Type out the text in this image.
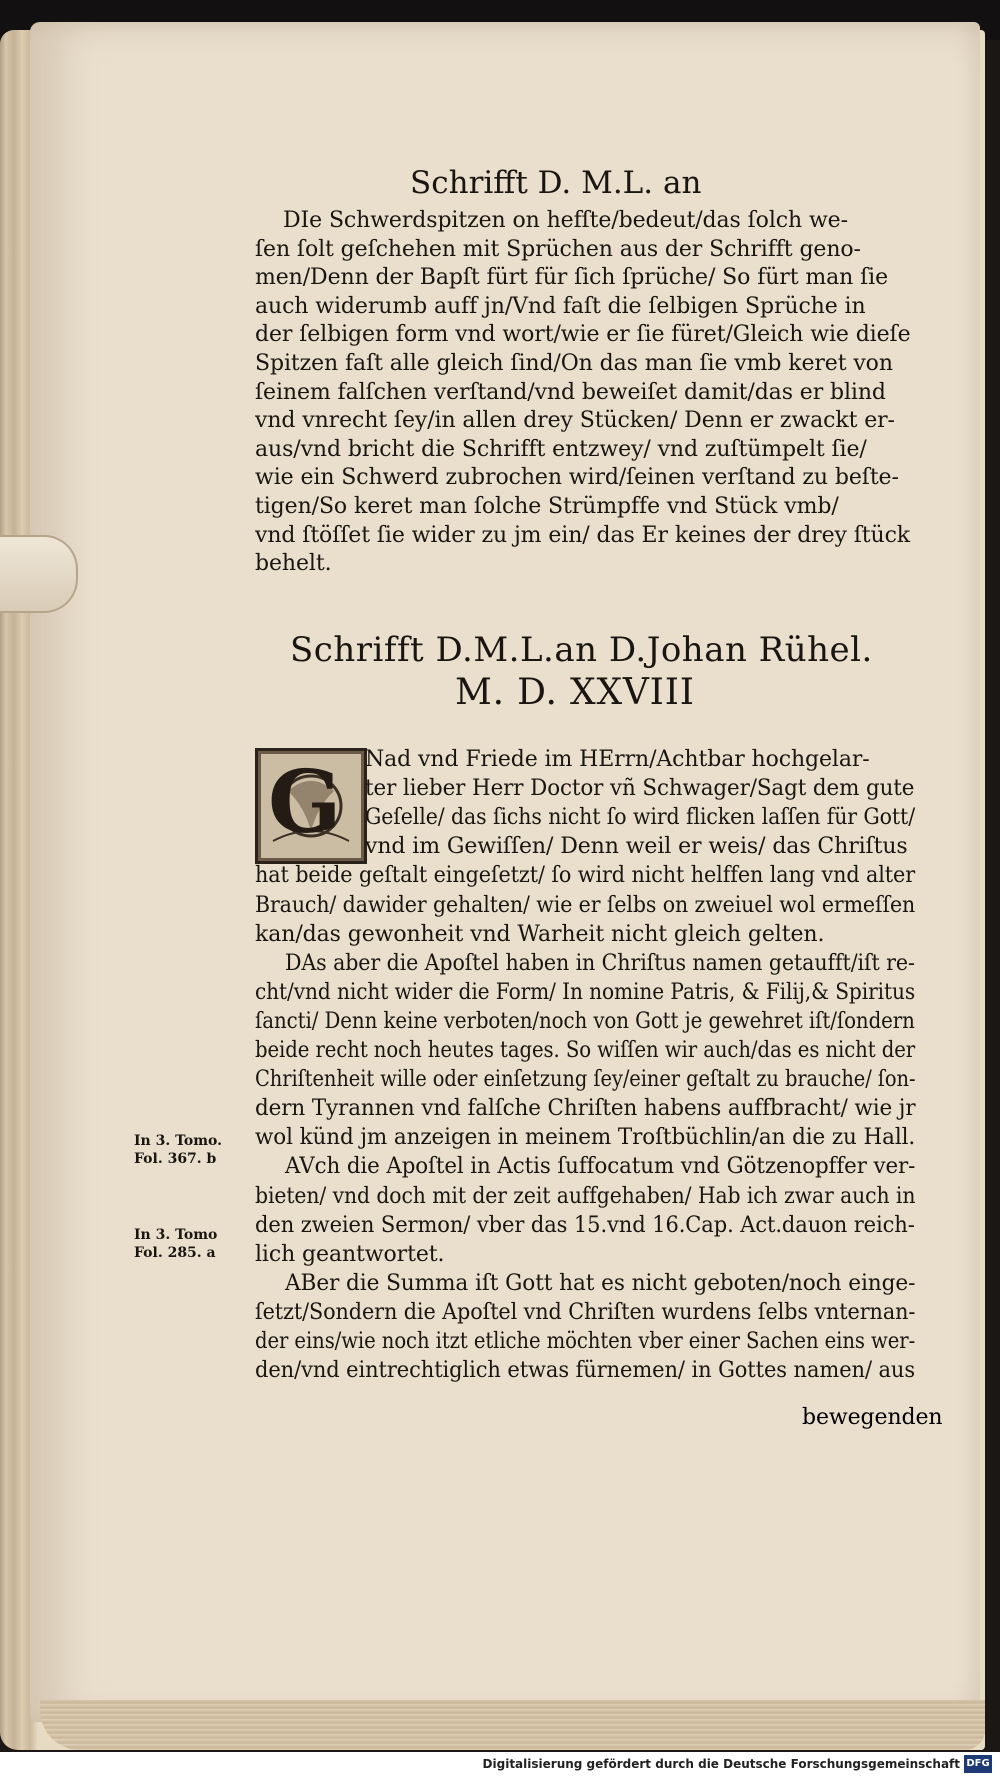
Schrifft D. M.L. an
DIe Schwerdspitzen on hefſte/bedeut/das ſolch we-
ſen ſolt geſchehen mit Sprüchen aus der Schrifft geno-
men/Denn der Bapſt fürt für ſich ſprüche/ So fürt man ſie
auch widerumb auff jn/Vnd faſt die ſelbigen Sprüche in
der ſelbigen form vnd wort/wie er ſie füret/Gleich wie dieſe
Spitzen faſt alle gleich ſind/On das man ſie vmb keret von
ſeinem falſchen verſtand/vnd beweiſet damit/das er blind
vnd vnrecht ſey/in allen drey Stücken/ Denn er zwackt er-
aus/vnd bricht die Schrifft entzwey/ vnd zuſtümpelt ſie/
wie ein Schwerd zubrochen wird/ſeinen verſtand zu beſte-
tigen/So keret man ſolche Strümpffe vnd Stück vmb/
vnd ſtöſſet ſie wider zu jm ein/ das Er keines der drey ſtück
behelt.
Schrifft D.M.L.an D.Johan Rühel.
M. D. XXVIII
G Nad vnd Friede im HErrn/Achtbar hochgelar-
ter lieber Herr Doctor vñ Schwager/Sagt dem gute
Geſelle/ das ſichs nicht ſo wird flicken laſſen für Gott/
vnd im Gewiſſen/ Denn weil er weis/ das Chriſtus
hat beide geſtalt eingeſetzt/ ſo wird nicht helffen lang vnd alter
Brauch/ dawider gehalten/ wie er ſelbs on zweiuel wol ermeſſen
kan/das gewonheit vnd Warheit nicht gleich gelten.
DAs aber die Apoſtel haben in Chriſtus namen getaufft/iſt re-
cht/vnd nicht wider die Form/ In nomine Patris, & Filij,& Spiritus
ſancti/ Denn keine verboten/noch von Gott je gewehret iſt/ſondern
beide recht noch heutes tages. So wiſſen wir auch/das es nicht der
Chriſtenheit wille oder einſetzung ſey/einer geſtalt zu brauche/ ſon-
dern Tyrannen vnd falſche Chriſten habens auffbracht/ wie jr
wol künd jm anzeigen in meinem Troſtbüchlin/an die zu Hall.
AVch die Apoſtel in Actis ſuffocatum vnd Götzenopffer ver-
bieten/ vnd doch mit der zeit auffgehaben/ Hab ich zwar auch in
den zweien Sermon/ vber das 15.vnd 16.Cap. Act.dauon reich-
lich geantwortet.
ABer die Summa iſt Gott hat es nicht geboten/noch einge-
ſetzt/Sondern die Apoſtel vnd Chriſten wurdens ſelbs vnternan-
der eins/wie noch itzt etliche möchten vber einer Sachen eins wer-
den/vnd eintrechtiglich etwas fürnemen/ in Gottes namen/ aus
In 3. Tomo.
Fol. 367. b
In 3. Tomo
Fol. 285. a
bewegenden
Digitalisierung gefördert durch die Deutsche Forschungsgemeinschaft DFG
